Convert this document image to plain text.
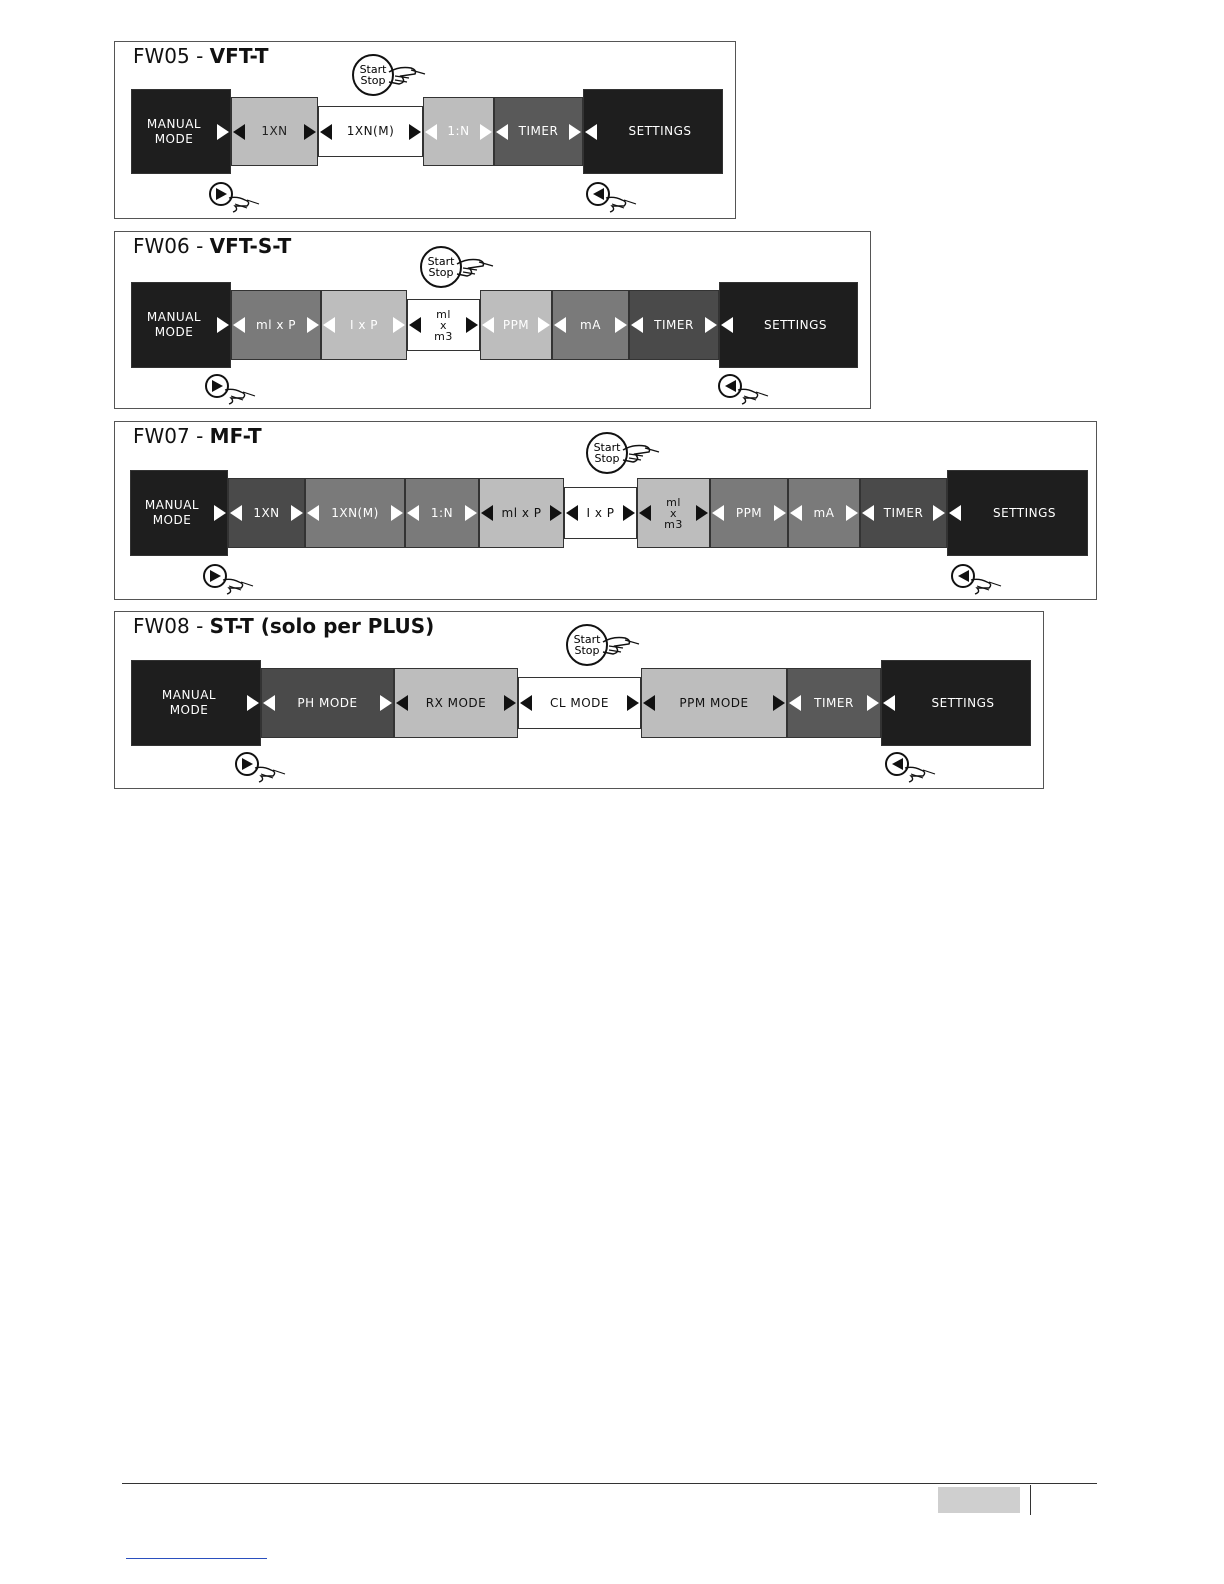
FW05 - VFT-T
MANUAL
MODE
1XN	1XN(M)	1:N	TIMER	SETTINGS
Start
Stop
FW06 - VFT-S-T
MANUAL
MODE
ml x P	I x P
ml
x
m3
PPM	mA	TIMER	SETTINGS
Start
Stop
FW07 - MF-T
MANUAL
MODE
1XN	1XN(M)	1:N	ml x P	I x P
ml
x
m3
PPM	mA	TIMER	SETTINGS
Start
Stop
FW08 - ST-T (solo per PLUS)
MANUAL
MODE
PH MODE	RX MODE	CL MODE	PPM MODE	TIMER	SETTINGS
Start
Stop
